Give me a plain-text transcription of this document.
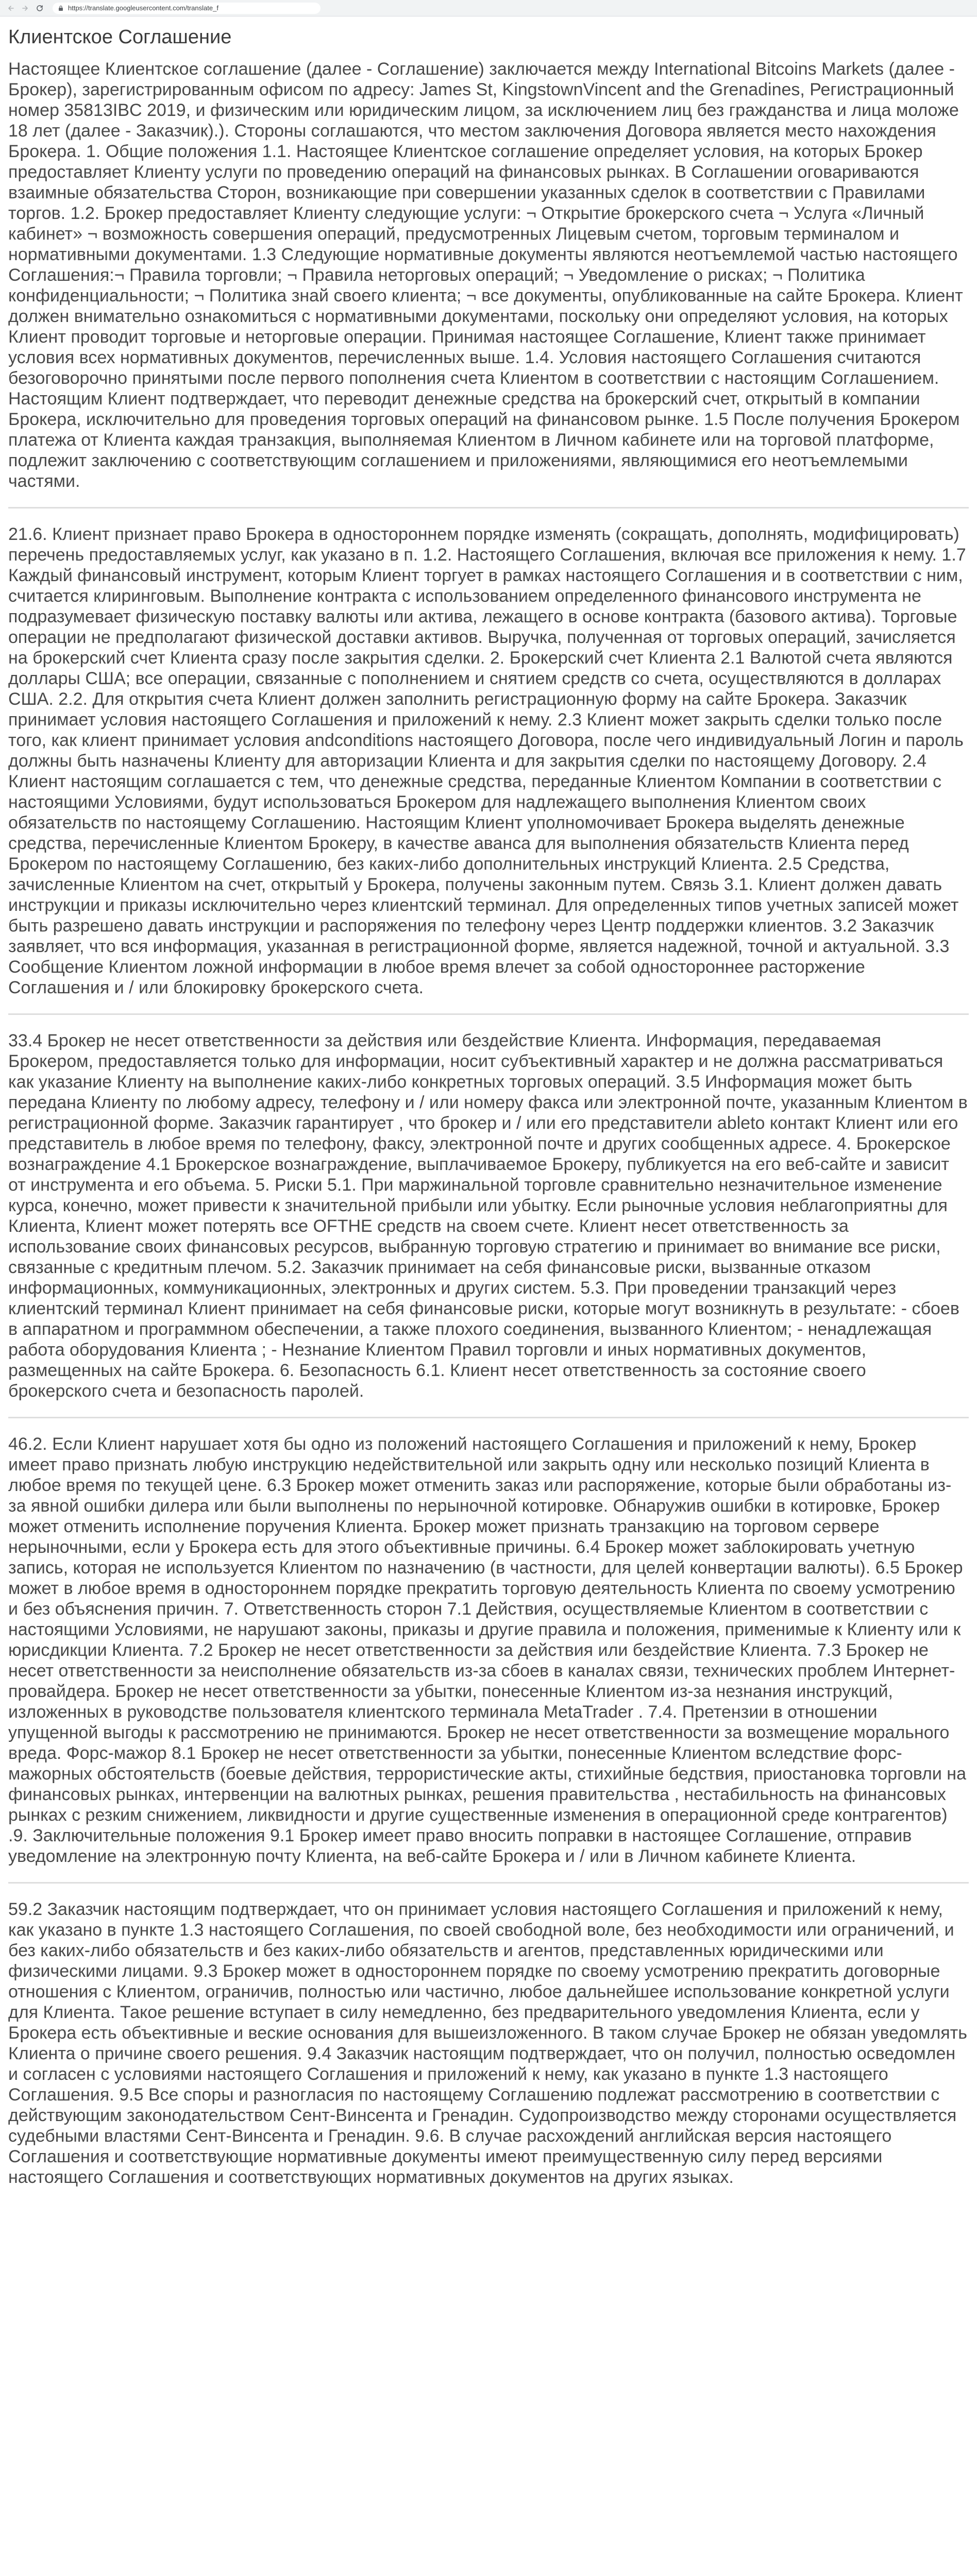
https://translate.googleusercontent.com/translate_f
Клиентское Соглашение

Настоящее Клиентское соглашение (далее - Соглашение) заключается между International Bitcoins Markets (далее - Брокер), зарегистрированным офисом по адресу: James St, KingstownVincent and the Grenadines, Регистрационный номер 35813IBC 2019, и физическим или юридическим лицом, за исключением лиц без гражданства и лица моложе 18 лет (далее - Заказчик).). Стороны соглашаются, что местом заключения Договора является место нахождения Брокера. 1. Общие положения 1.1. Настоящее Клиентское соглашение определяет условия, на которых Брокер предоставляет Клиенту услуги по проведению операций на финансовых рынках. В Соглашении оговариваются взаимные обязательства Сторон, возникающие при совершении указанных сделок в соответствии с Правилами торгов. 1.2. Брокер предоставляет Клиенту следующие услуги: ¬ Открытие брокерского счета ¬ Услуга «Личный кабинет» ¬ возможность совершения операций, предусмотренных Лицевым счетом, торговым терминалом и нормативными документами. 1.3 Следующие нормативные документы являются неотъемлемой частью настоящего Соглашения:¬ Правила торговли; ¬ Правила неторговых операций; ¬ Уведомление о рисках; ¬ Политика конфиденциальности; ¬ Политика знай своего клиента; ¬ все документы, опубликованные на сайте Брокера. Клиент должен внимательно ознакомиться с нормативными документами, поскольку они определяют условия, на которых Клиент проводит торговые и неторговые операции. Принимая настоящее Соглашение, Клиент также принимает условия всех нормативных документов, перечисленных выше. 1.4. Условия настоящего Соглашения считаются безоговорочно принятыми после первого пополнения счета Клиентом в соответствии с настоящим Соглашением. Настоящим Клиент подтверждает, что переводит денежные средства на брокерский счет, открытый в компании Брокера, исключительно для проведения торговых операций на финансовом рынке. 1.5 После получения Брокером платежа от Клиента каждая транзакция, выполняемая Клиентом в Личном кабинете или на торговой платформе, подлежит заключению с соответствующим соглашением и приложениями, являющимися его неотъемлемыми частями.

21.6. Клиент признает право Брокера в одностороннем порядке изменять (сокращать, дополнять, модифицировать) перечень предоставляемых услуг, как указано в п. 1.2. Настоящего Соглашения, включая все приложения к нему. 1.7 Каждый финансовый инструмент, которым Клиент торгует в рамках настоящего Соглашения и в соответствии с ним, считается клиринговым. Выполнение контракта с использованием определенного финансового инструмента не подразумевает физическую поставку валюты или актива, лежащего в основе контракта (базового актива). Торговые операции не предполагают физической доставки активов. Выручка, полученная от торговых операций, зачисляется на брокерский счет Клиента сразу после закрытия сделки. 2. Брокерский счет Клиента 2.1 Валютой счета являются доллары США; все операции, связанные с пополнением и снятием средств со счета, осуществляются в долларах США. 2.2. Для открытия счета Клиент должен заполнить регистрационную форму на сайте Брокера. Заказчик принимает условия настоящего Соглашения и приложений к нему. 2.3 Клиент может закрыть сделки только после того, как клиент принимает условия andconditions настоящего Договора, после чего индивидуальный Логин и пароль должны быть назначены Клиенту для авторизации Клиента и для закрытия сделки по настоящему Договору. 2.4 Клиент настоящим соглашается с тем, что денежные средства, переданные Клиентом Компании в соответствии с настоящими Условиями, будут использоваться Брокером для надлежащего выполнения Клиентом своих обязательств по настоящему Соглашению. Настоящим Клиент уполномочивает Брокера выделять денежные средства, перечисленные Клиентом Брокеру, в качестве аванса для выполнения обязательств Клиента перед Брокером по настоящему Соглашению, без каких-либо дополнительных инструкций Клиента. 2.5 Средства, зачисленные Клиентом на счет, открытый у Брокера, получены законным путем. Связь 3.1. Клиент должен давать инструкции и приказы исключительно через клиентский терминал. Для определенных типов учетных записей может быть разрешено давать инструкции и распоряжения по телефону через Центр поддержки клиентов. 3.2 Заказчик заявляет, что вся информация, указанная в регистрационной форме, является надежной, точной и актуальной. 3.3 Сообщение Клиентом ложной информации в любое время влечет за собой одностороннее расторжение Соглашения и / или блокировку брокерского счета.

33.4 Брокер не несет ответственности за действия или бездействие Клиента. Информация, передаваемая Брокером, предоставляется только для информации, носит субъективный характер и не должна рассматриваться как указание Клиенту на выполнение каких-либо конкретных торговых операций. 3.5 Информация может быть передана Клиенту по любому адресу, телефону и / или номеру факса или электронной почте, указанным Клиентом в регистрационной форме. Заказчик гарантирует , что брокер и / или его представители ableto контакт Клиент или его представитель в любое время по телефону, факсу, электронной почте и других сообщенных адресе. 4. Брокерское вознаграждение 4.1 Брокерское вознаграждение, выплачиваемое Брокеру, публикуется на его веб-сайте и зависит от инструмента и его объема. 5. Риски 5.1. При маржинальной торговле сравнительно незначительное изменение курса, конечно, может привести к значительной прибыли или убытку. Если рыночные условия неблагоприятны для Клиента, Клиент может потерять все OFTHE средств на своем счете. Клиент несет ответственность за использование своих финансовых ресурсов, выбранную торговую стратегию и принимает во внимание все риски, связанные с кредитным плечом. 5.2. Заказчик принимает на себя финансовые риски, вызванные отказом информационных, коммуникационных, электронных и других систем. 5.3. При проведении транзакций через клиентский терминал Клиент принимает на себя финансовые риски, которые могут возникнуть в результате: - сбоев в аппаратном и программном обеспечении, а также плохого соединения, вызванного Клиентом; - ненадлежащая работа оборудования Клиента ; - Незнание Клиентом Правил торговли и иных нормативных документов, размещенных на сайте Брокера. 6. Безопасность 6.1. Клиент несет ответственность за состояние своего брокерского счета и безопасность паролей.

46.2. Если Клиент нарушает хотя бы одно из положений настоящего Соглашения и приложений к нему, Брокер имеет право признать любую инструкцию недействительной или закрыть одну или несколько позиций Клиента в любое время по текущей цене. 6.3 Брокер может отменить заказ или распоряжение, которые были обработаны из-за явной ошибки дилера или были выполнены по нерыночной котировке. Обнаружив ошибки в котировке, Брокер может отменить исполнение поручения Клиента. Брокер может признать транзакцию на торговом сервере нерыночными, если у Брокера есть для этого объективные причины. 6.4 Брокер может заблокировать учетную запись, которая не используется Клиентом по назначению (в частности, для целей конвертации валюты). 6.5 Брокер может в любое время в одностороннем порядке прекратить торговую деятельность Клиента по своему усмотрению и без объяснения причин. 7. Ответственность сторон 7.1 Действия, осуществляемые Клиентом в соответствии с настоящими Условиями, не нарушают законы, приказы и другие правила и положения, применимые к Клиенту или к юрисдикции Клиента. 7.2 Брокер не несет ответственности за действия или бездействие Клиента. 7.3 Брокер не несет ответственности за неисполнение обязательств из-за сбоев в каналах связи, технических проблем Интернет-провайдера. Брокер не несет ответственности за убытки, понесенные Клиентом из-за незнания инструкций, изложенных в руководстве пользователя клиентского терминала MetaTrader . 7.4. Претензии в отношении упущенной выгоды к рассмотрению не принимаются. Брокер не несет ответственности за возмещение морального вреда. Форс-мажор 8.1 Брокер не несет ответственности за убытки, понесенные Клиентом вследствие форс-мажорных обстоятельств (боевые действия, террористические акты, стихийные бедствия, приостановка торговли на финансовых рынках, интервенции на валютных рынках, решения правительства , нестабильность на финансовых рынках с резким снижением, ликвидности и другие существенные изменения в операционной среде контрагентов) .9. Заключительные положения 9.1 Брокер имеет право вносить поправки в настоящее Соглашение, отправив уведомление на электронную почту Клиента, на веб-сайте Брокера и / или в Личном кабинете Клиента.

59.2 Заказчик настоящим подтверждает, что он принимает условия настоящего Соглашения и приложений к нему, как указано в пункте 1.3 настоящего Соглашения, по своей свободной воле, без необходимости или ограничений, и без каких-либо обязательств и без каких-либо обязательств и агентов, представленных юридическими или физическими лицами. 9.3 Брокер может в одностороннем порядке по своему усмотрению прекратить договорные отношения с Клиентом, ограничив, полностью или частично, любое дальнейшее использование конкретной услуги для Клиента. Такое решение вступает в силу немедленно, без предварительного уведомления Клиента, если у Брокера есть объективные и веские основания для вышеизложенного. В таком случае Брокер не обязан уведомлять Клиента о причине своего решения. 9.4 Заказчик настоящим подтверждает, что он получил, полностью осведомлен и согласен с условиями настоящего Соглашения и приложений к нему, как указано в пункте 1.3 настоящего Соглашения. 9.5 Все споры и разногласия по настоящему Соглашению подлежат рассмотрению в соответствии с действующим законодательством Сент-Винсента и Гренадин. Судопроизводство между сторонами осуществляется судебными властями Сент-Винсента и Гренадин. 9.6. В случае расхождений английская версия настоящего Соглашения и соответствующие нормативные документы имеют преимущественную силу перед версиями настоящего Соглашения и соответствующих нормативных документов на других языках.
